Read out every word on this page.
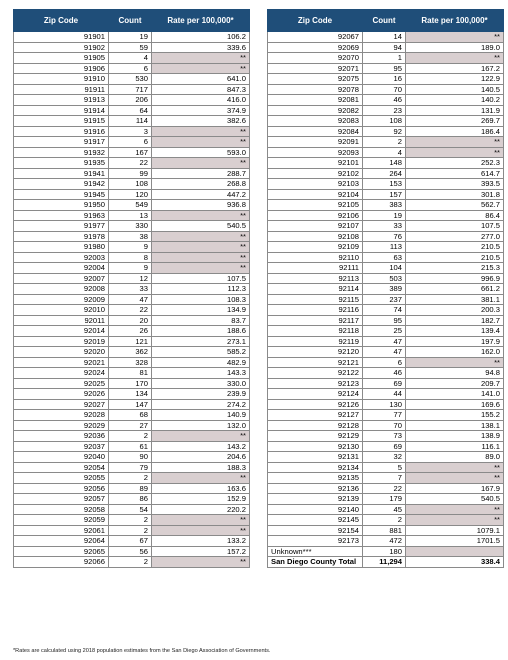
Zip Code	Count	Rate per 100,000*
91901	19	106.2
91902	59	339.6
91905	4	**
91906	6	**
91910	530	641.0
91911	717	847.3
91913	206	416.0
91914	64	374.9
91915	114	382.6
91916	3	**
91917	6	**
91932	167	593.0
91935	22	**
91941	99	288.7
91942	108	268.8
91945	120	447.2
91950	549	936.8
91963	13	**
91977	330	540.5
91978	38	**
91980	9	**
92003	8	**
92004	9	**
92007	12	107.5
92008	33	112.3
92009	47	108.3
92010	22	134.9
92011	20	83.7
92014	26	188.6
92019	121	273.1
92020	362	585.2
92021	328	482.9
92024	81	143.3
92025	170	330.0
92026	134	239.9
92027	147	274.2
92028	68	140.9
92029	27	132.0
92036	2	**
92037	61	143.2
92040	90	204.6
92054	79	188.3
92055	2	**
92056	89	163.6
92057	86	152.9
92058	54	220.2
92059	2	**
92061	2	**
92064	67	133.2
92065	56	157.2
92066	2	**
Zip Code	Count	Rate per 100,000*
92067	14	**
92069	94	189.0
92070	1	**
92071	95	167.2
92075	16	122.9
92078	70	140.5
92081	46	140.2
92082	23	131.9
92083	108	269.7
92084	92	186.4
92091	2	**
92093	4	**
92101	148	252.3
92102	264	614.7
92103	153	393.5
92104	157	301.8
92105	383	562.7
92106	19	86.4
92107	33	107.5
92108	76	277.0
92109	113	210.5
92110	63	210.5
92111	104	215.3
92113	503	996.9
92114	389	661.2
92115	237	381.1
92116	74	200.3
92117	95	182.7
92118	25	139.4
92119	47	197.9
92120	47	162.0
92121	6	**
92122	46	94.8
92123	69	209.7
92124	44	141.0
92126	130	169.6
92127	77	155.2
92128	70	138.1
92129	73	138.9
92130	69	116.1
92131	32	89.0
92134	5	**
92135	7	**
92136	22	167.9
92139	179	540.5
92140	45	**
92145	2	**
92154	881	1079.1
92173	472	1701.5
Unknown***	180	
San Diego County Total	11,294	338.4
*Rates are calculated using 2018 population estimates from the San Diego Association of Governments.
